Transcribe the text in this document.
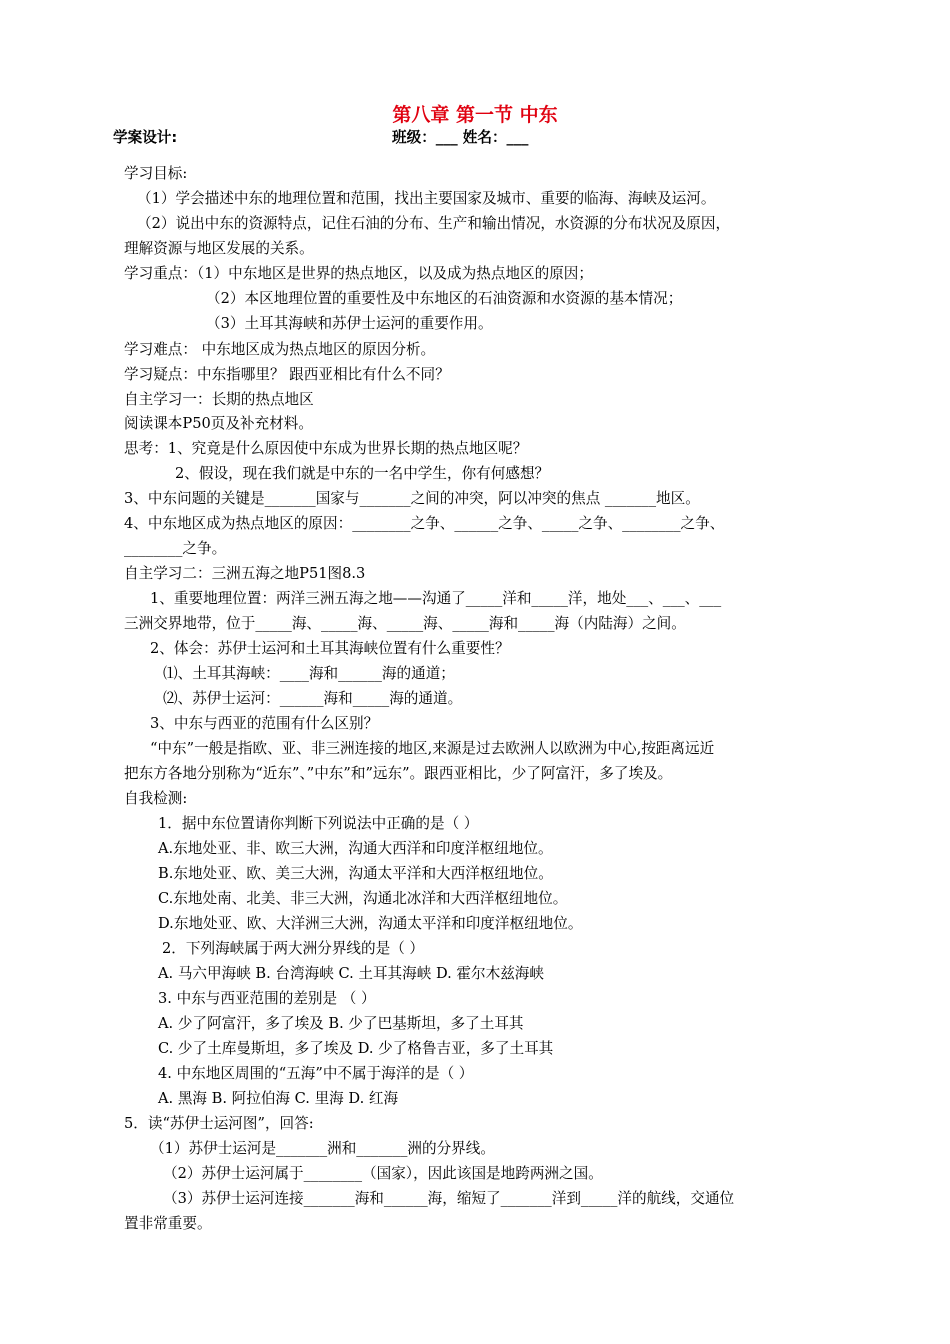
第八章 第一节 中东
学案设计:	班级：___ 姓名：___
学习目标:
（1）学会描述中东的地理位置和范围，找出主要国家及城市、重要的临海、海峡及运河。
（2）说出中东的资源特点，记住石油的分布、生产和输出情况，水资源的分布状况及原因，
理解资源与地区发展的关系。
学习重点：（1）中东地区是世界的热点地区，以及成为热点地区的原因；
（2）本区地理位置的重要性及中东地区的石油资源和水资源的基本情况；
（3）土耳其海峡和苏伊士运河的重要作用。
学习难点： 中东地区成为热点地区的原因分析。
学习疑点：中东指哪里？ 跟西亚相比有什么不同？
自主学习一：长期的热点地区
阅读课本P50页及补充材料。
思考：1、究竟是什么原因使中东成为世界长期的热点地区呢？
2、假设，现在我们就是中东的一名中学生，你有何感想？
3、中东问题的关键是_______国家与_______之间的冲突，阿以冲突的焦点 _______地区。
4、中东地区成为热点地区的原因：________之争、______之争、_____之争、________之争、
________之争。
自主学习二：三洲五海之地P51图8.3
1、重要地理位置：两洋三洲五海之地——沟通了_____洋和_____洋，地处___、___、___
三洲交界地带，位于_____海、_____海、_____海、_____海和_____海（内陆海）之间。
2、体会：苏伊士运河和土耳其海峡位置有什么重要性？
⑴、土耳其海峡：____海和______海的通道；
⑵、苏伊士运河：______海和_____海的通道。
3、中东与西亚的范围有什么区别？
“中东”一般是指欧、亚、非三洲连接的地区,来源是过去欧洲人以欧洲为中心,按距离远近
把东方各地分别称为“近东”、”中东”和”远东”。跟西亚相比，少了阿富汗，多了埃及。
自我检测:
1．据中东位置请你判断下列说法中正确的是（ ）
A.东地处亚、非、欧三大洲，沟通大西洋和印度洋枢纽地位。
B.东地处亚、欧、美三大洲，沟通太平洋和大西洋枢纽地位。
C.东地处南、北美、非三大洲，沟通北冰洋和大西洋枢纽地位。
D.东地处亚、欧、大洋洲三大洲，沟通太平洋和印度洋枢纽地位。
2．下列海峡属于两大洲分界线的是（ ）
A. 马六甲海峡 B. 台湾海峡 C. 土耳其海峡 D. 霍尔木兹海峡
3. 中东与西亚范围的差别是 （ ）
A. 少了阿富汗，多了埃及 B. 少了巴基斯坦，多了土耳其
C. 少了土库曼斯坦，多了埃及 D. 少了格鲁吉亚，多了土耳其
4. 中东地区周围的“五海”中不属于海洋的是（ ）
A. 黑海 B. 阿拉伯海 C. 里海 D. 红海
5．读“苏伊士运河图”，回答:
（1）苏伊士运河是_______洲和_______洲的分界线。
（2）苏伊士运河属于________（国家），因此该国是地跨两洲之国。
（3）苏伊士运河连接_______海和______海，缩短了_______洋到_____洋的航线，交通位
置非常重要。
